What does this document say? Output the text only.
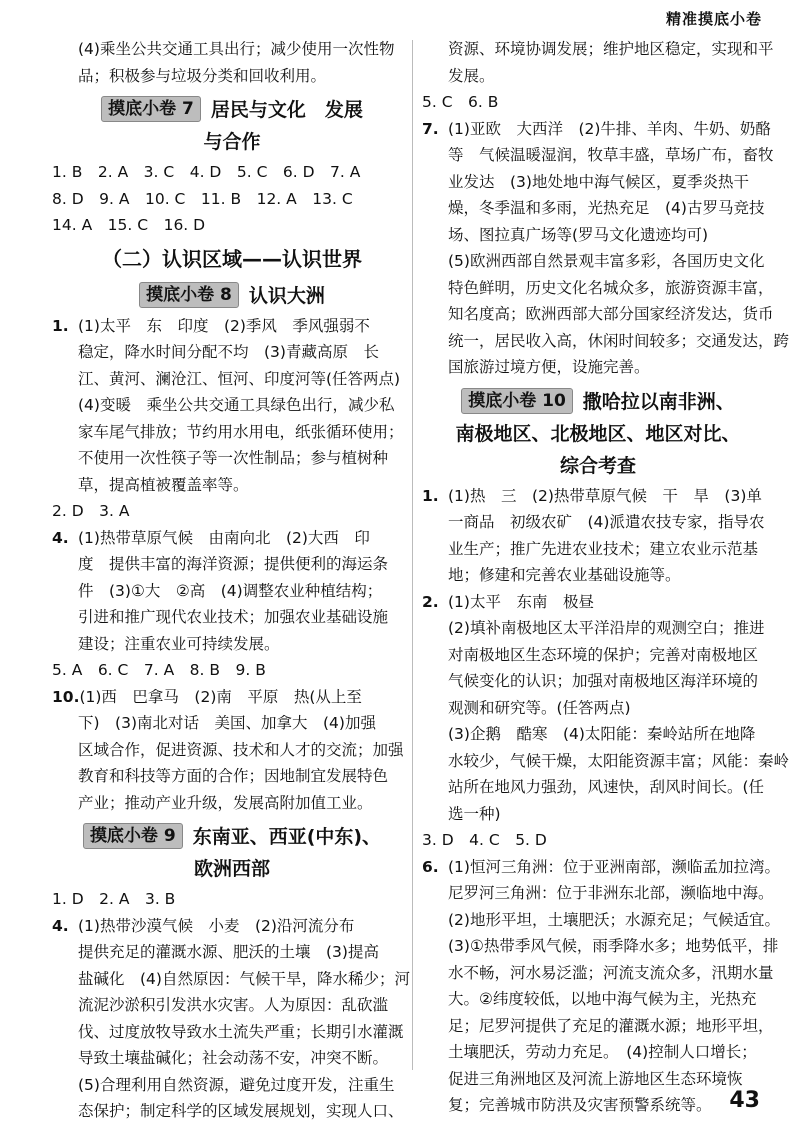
精准摸底小卷
(4)乘坐公共交通工具出行；减少使用一次性物
品；积极参与垃圾分类和回收利用。
摸底小卷 7 居民与文化　发展
与合作
1. B　2. A　3. C　4. D　5. C　6. D　7. A
8. D　9. A　10. C　11. B　12. A　13. C
14. A　15. C　16. D
（二）认识区域——认识世界
摸底小卷 8 认识大洲
1. (1)太平　东　印度　(2)季风　季风强弱不
稳定，降水时间分配不均　(3)青藏高原　长
江、黄河、澜沧江、恒河、印度河等(任答两点)
(4)变暖　乘坐公共交通工具绿色出行，减少私
家车尾气排放；节约用水用电，纸张循环使用；
不使用一次性筷子等一次性制品；参与植树种
草，提高植被覆盖率等。
2. D　3. A
4. (1)热带草原气候　由南向北　(2)大西　印
度　提供丰富的海洋资源；提供便利的海运条
件　(3)①大　②高　(4)调整农业种植结构；
引进和推广现代农业技术；加强农业基础设施
建设；注重农业可持续发展。
5. A　6. C　7. A　8. B　9. B
10.(1)西　巴拿马　(2)南　平原　热(从上至
下)　(3)南北对话　美国、加拿大　(4)加强
区域合作，促进资源、技术和人才的交流；加强
教育和科技等方面的合作；因地制宜发展特色
产业；推动产业升级，发展高附加值工业。
摸底小卷 9 东南亚、西亚(中东)、
欧洲西部
1. D　2. A　3. B
4. (1)热带沙漠气候　小麦　(2)沿河流分布
提供充足的灌溉水源、肥沃的土壤　(3)提高
盐碱化　(4)自然原因：气候干旱，降水稀少；河
流泥沙淤积引发洪水灾害。人为原因：乱砍滥
伐、过度放牧导致水土流失严重；长期引水灌溉
导致土壤盐碱化；社会动荡不安，冲突不断。
(5)合理利用自然资源，避免过度开发，注重生
态保护；制定科学的区域发展规划，实现人口、
资源、环境协调发展；维护地区稳定，实现和平
发展。
5. C　6. B
7. (1)亚欧　大西洋　(2)牛排、羊肉、牛奶、奶酪
等　气候温暖湿润，牧草丰盛，草场广布，畜牧
业发达　(3)地处地中海气候区，夏季炎热干
燥，冬季温和多雨，光热充足　(4)古罗马竞技
场、图拉真广场等(罗马文化遗迹均可)
(5)欧洲西部自然景观丰富多彩，各国历史文化
特色鲜明，历史文化名城众多，旅游资源丰富，
知名度高；欧洲西部大部分国家经济发达，货币
统一，居民收入高，休闲时间较多；交通发达，跨
国旅游过境方便，设施完善。
摸底小卷 10 撒哈拉以南非洲、
南极地区、北极地区、地区对比、
综合考查
1. (1)热　三　(2)热带草原气候　干　旱　(3)单
一商品　初级农矿　(4)派遣农技专家，指导农
业生产；推广先进农业技术；建立农业示范基
地；修建和完善农业基础设施等。
2. (1)太平　东南　极昼
(2)填补南极地区太平洋沿岸的观测空白；推进
对南极地区生态环境的保护；完善对南极地区
气候变化的认识；加强对南极地区海洋环境的
观测和研究等。(任答两点)
(3)企鹅　酷寒　(4)太阳能：秦岭站所在地降
水较少，气候干燥，太阳能资源丰富；风能：秦岭
站所在地风力强劲，风速快，刮风时间长。(任
选一种)
3. D　4. C　5. D
6. (1)恒河三角洲：位于亚洲南部，濒临孟加拉湾。
尼罗河三角洲：位于非洲东北部，濒临地中海。
(2)地形平坦，土壤肥沃；水源充足；气候适宜。
(3)①热带季风气候，雨季降水多；地势低平，排
水不畅，河水易泛滥；河流支流众多，汛期水量
大。②纬度较低，以地中海气候为主，光热充
足；尼罗河提供了充足的灌溉水源；地形平坦，
土壤肥沃，劳动力充足。　(4)控制人口增长；
促进三角洲地区及河流上游地区生态环境恢
复；完善城市防洪及灾害预警系统等。 43
